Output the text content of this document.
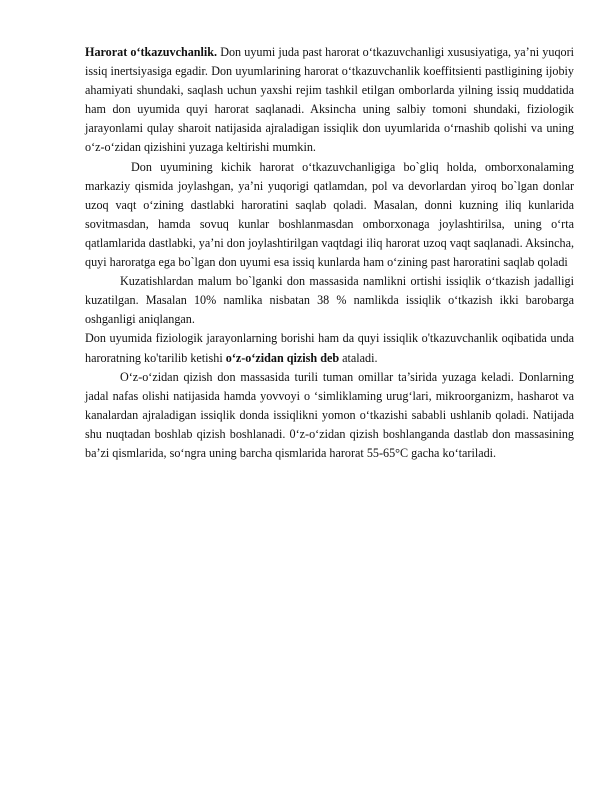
Harorat o‘tkazuvchanlik. Don uyumi juda past harorat o‘tkazuvchanligi xususiyatiga, ya’ni yuqori issiq inertsiyasiga egadir. Don uyumlarining harorat o‘tkazuvchanlik koeffitsienti pastligining ijobiy ahamiyati shundaki, saqlash uchun yaxshi rejim tashkil etilgan omborlarda yilning issiq muddatida ham don uyumida quyi harorat saqlanadi. Aksincha uning salbiy tomoni shundaki, fiziologik jarayonlami qulay sharoit natijasida ajraladigan issiqlik don uyumlarida o‘rnashib qolishi va uning o‘z-o‘zidan qizishini yuzaga keltirishi mumkin.

Don uyumining kichik harorat o‘tkazuvchanligiga bo`gliq holda, omborxonalaming markaziy qismida joylashgan, ya’ni yuqorigi qatlamdan, pol va devorlardan yiroq bo`lgan donlar uzoq vaqt o‘zining dastlabki haroratini saqlab qoladi. Masalan, donni kuzning iliq kunlarida sovitmasdan, hamda sovuq kunlar boshlanmasdan omborxonaga joylashtirilsa, uning o‘rta qatlamlarida dastlabki, ya’ni don joylashtirilgan vaqtdagi iliq harorat uzoq vaqt saqlanadi. Aksincha, quyi haroratga ega bo`lgan don uyumi esa issiq kunlarda ham o‘zining past haroratini saqlab qoladi

Kuzatishlardan malum bo`lganki don massasida namlikni ortishi issiqlik o‘tkazish jadalligi kuzatilgan. Masalan 10% namlika nisbatan 38 % namlikda issiqlik o‘tkazish ikki barobarga oshganligi aniqlangan.

Don uyumida fiziologik jarayonlarning borishi ham da quyi issiqlik o'tkazuvchanlik oqibatida unda haroratning ko'tarilib ketishi o‘z-o‘zidan qizish deb ataladi.

O‘z-o‘zidan qizish don massasida turili tuman omillar ta’sirida yuzaga keladi. Donlarning jadal nafas olishi natijasida hamda yovvoyi o ‘simliklaming urug‘lari, mikroorganizm, hasharot va kanalardan ajraladigan issiqlik donda issiqlikni yomon o‘tkazishi sababli ushlanib qoladi. Natijada shu nuqtadan boshlab qizish boshlanadi. 0‘z-o‘zidan qizish boshlanganda dastlab don massasining ba’zi qismlarida, so‘ngra uning barcha qismlarida harorat 55-65°C gacha ko‘tariladi.
